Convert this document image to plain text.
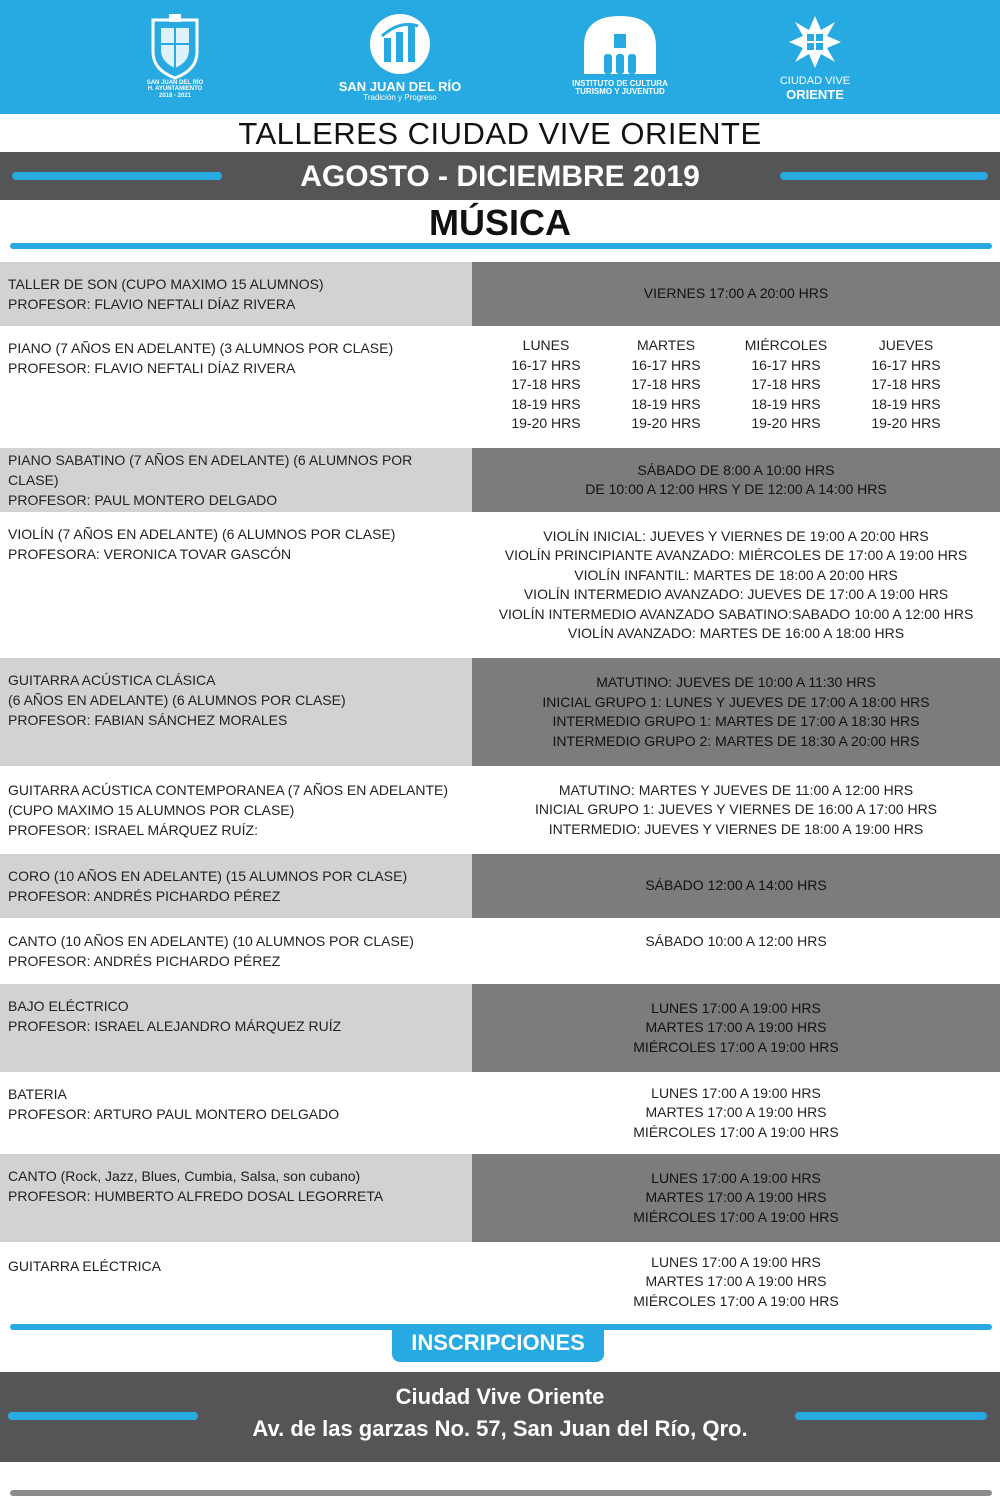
SAN JUAN DEL RÍO
H. AYUNTAMIENTO
2018 - 2021
SAN JUAN DEL RÍO
Tradición y Progreso
INSTITUTO DE CULTURA
TURISMO Y JUVENTUD
CIUDAD VIVE
ORIENTE
TALLERES CIUDAD VIVE ORIENTE
AGOSTO - DICIEMBRE 2019
MÚSICA
TALLER DE SON (CUPO MAXIMO 15 ALUMNOS)
PROFESOR: FLAVIO NEFTALI DÍAZ RIVERA
VIERNES 17:00 A 20:00 HRS
PIANO (7 AÑOS EN ADELANTE) (3 ALUMNOS POR CLASE)
PROFESOR: FLAVIO NEFTALI DÍAZ RIVERA
LUNES
16-17 HRS
17-18 HRS
18-19 HRS
19-20 HRS
MARTES
16-17 HRS
17-18 HRS
18-19 HRS
19-20 HRS
MIÉRCOLES
16-17 HRS
17-18 HRS
18-19 HRS
19-20 HRS
JUEVES
16-17 HRS
17-18 HRS
18-19 HRS
19-20 HRS
PIANO SABATINO (7 AÑOS EN ADELANTE) (6 ALUMNOS POR CLASE)
PROFESOR: PAUL MONTERO DELGADO
SÁBADO DE 8:00 A 10:00 HRS
DE 10:00 A 12:00 HRS Y DE 12:00 A 14:00 HRS
VIOLÍN (7 AÑOS EN ADELANTE) (6 ALUMNOS POR CLASE)
PROFESORA: VERONICA TOVAR GASCÓN
VIOLÍN INICIAL: JUEVES Y VIERNES DE 19:00 A 20:00 HRS
VIOLÍN PRINCIPIANTE AVANZADO: MIÉRCOLES DE 17:00 A 19:00 HRS
VIOLÍN INFANTIL: MARTES DE 18:00 A 20:00 HRS
VIOLÍN INTERMEDIO AVANZADO: JUEVES DE 17:00 A 19:00 HRS
VIOLÍN INTERMEDIO AVANZADO SABATINO:SABADO 10:00 A 12:00 HRS
VIOLÍN AVANZADO: MARTES DE 16:00 A 18:00 HRS
GUITARRA ACÚSTICA CLÁSICA
(6 AÑOS EN ADELANTE) (6 ALUMNOS POR CLASE)
PROFESOR: FABIAN SÁNCHEZ MORALES
MATUTINO: JUEVES DE 10:00 A 11:30 HRS
INICIAL GRUPO 1: LUNES Y JUEVES DE 17:00 A 18:00 HRS
INTERMEDIO GRUPO 1: MARTES DE 17:00 A 18:30 HRS
INTERMEDIO GRUPO 2: MARTES DE 18:30 A 20:00 HRS
GUITARRA ACÚSTICA CONTEMPORANEA (7 AÑOS EN ADELANTE)
(CUPO MAXIMO 15 ALUMNOS POR CLASE)
PROFESOR: ISRAEL MÁRQUEZ RUÍZ:
MATUTINO: MARTES Y JUEVES DE 11:00 A 12:00 HRS
INICIAL GRUPO 1: JUEVES Y VIERNES DE 16:00 A 17:00 HRS
INTERMEDIO: JUEVES Y VIERNES DE 18:00 A 19:00 HRS
CORO (10 AÑOS EN ADELANTE) (15 ALUMNOS POR CLASE)
PROFESOR: ANDRÉS PICHARDO PÉREZ
SÁBADO 12:00 A 14:00 HRS
CANTO (10 AÑOS EN ADELANTE) (10 ALUMNOS POR CLASE)
PROFESOR: ANDRÉS PICHARDO PÉREZ
SÁBADO 10:00 A 12:00 HRS
BAJO ELÉCTRICO
PROFESOR: ISRAEL ALEJANDRO MÁRQUEZ RUÍZ
LUNES 17:00 A 19:00 HRS
MARTES 17:00 A 19:00 HRS
MIÉRCOLES 17:00 A 19:00 HRS
BATERIA
PROFESOR: ARTURO PAUL MONTERO DELGADO
LUNES 17:00 A 19:00 HRS
MARTES 17:00 A 19:00 HRS
MIÉRCOLES 17:00 A 19:00 HRS
CANTO (Rock, Jazz, Blues, Cumbia, Salsa, son cubano)
PROFESOR: HUMBERTO ALFREDO DOSAL LEGORRETA
LUNES 17:00 A 19:00 HRS
MARTES 17:00 A 19:00 HRS
MIÉRCOLES 17:00 A 19:00 HRS
GUITARRA ELÉCTRICA	LUNES 17:00 A 19:00 HRS
MARTES 17:00 A 19:00 HRS
MIÉRCOLES 17:00 A 19:00 HRS
INSCRIPCIONES
Ciudad Vive Oriente
Av. de las garzas No. 57, San Juan del Río, Qro.
